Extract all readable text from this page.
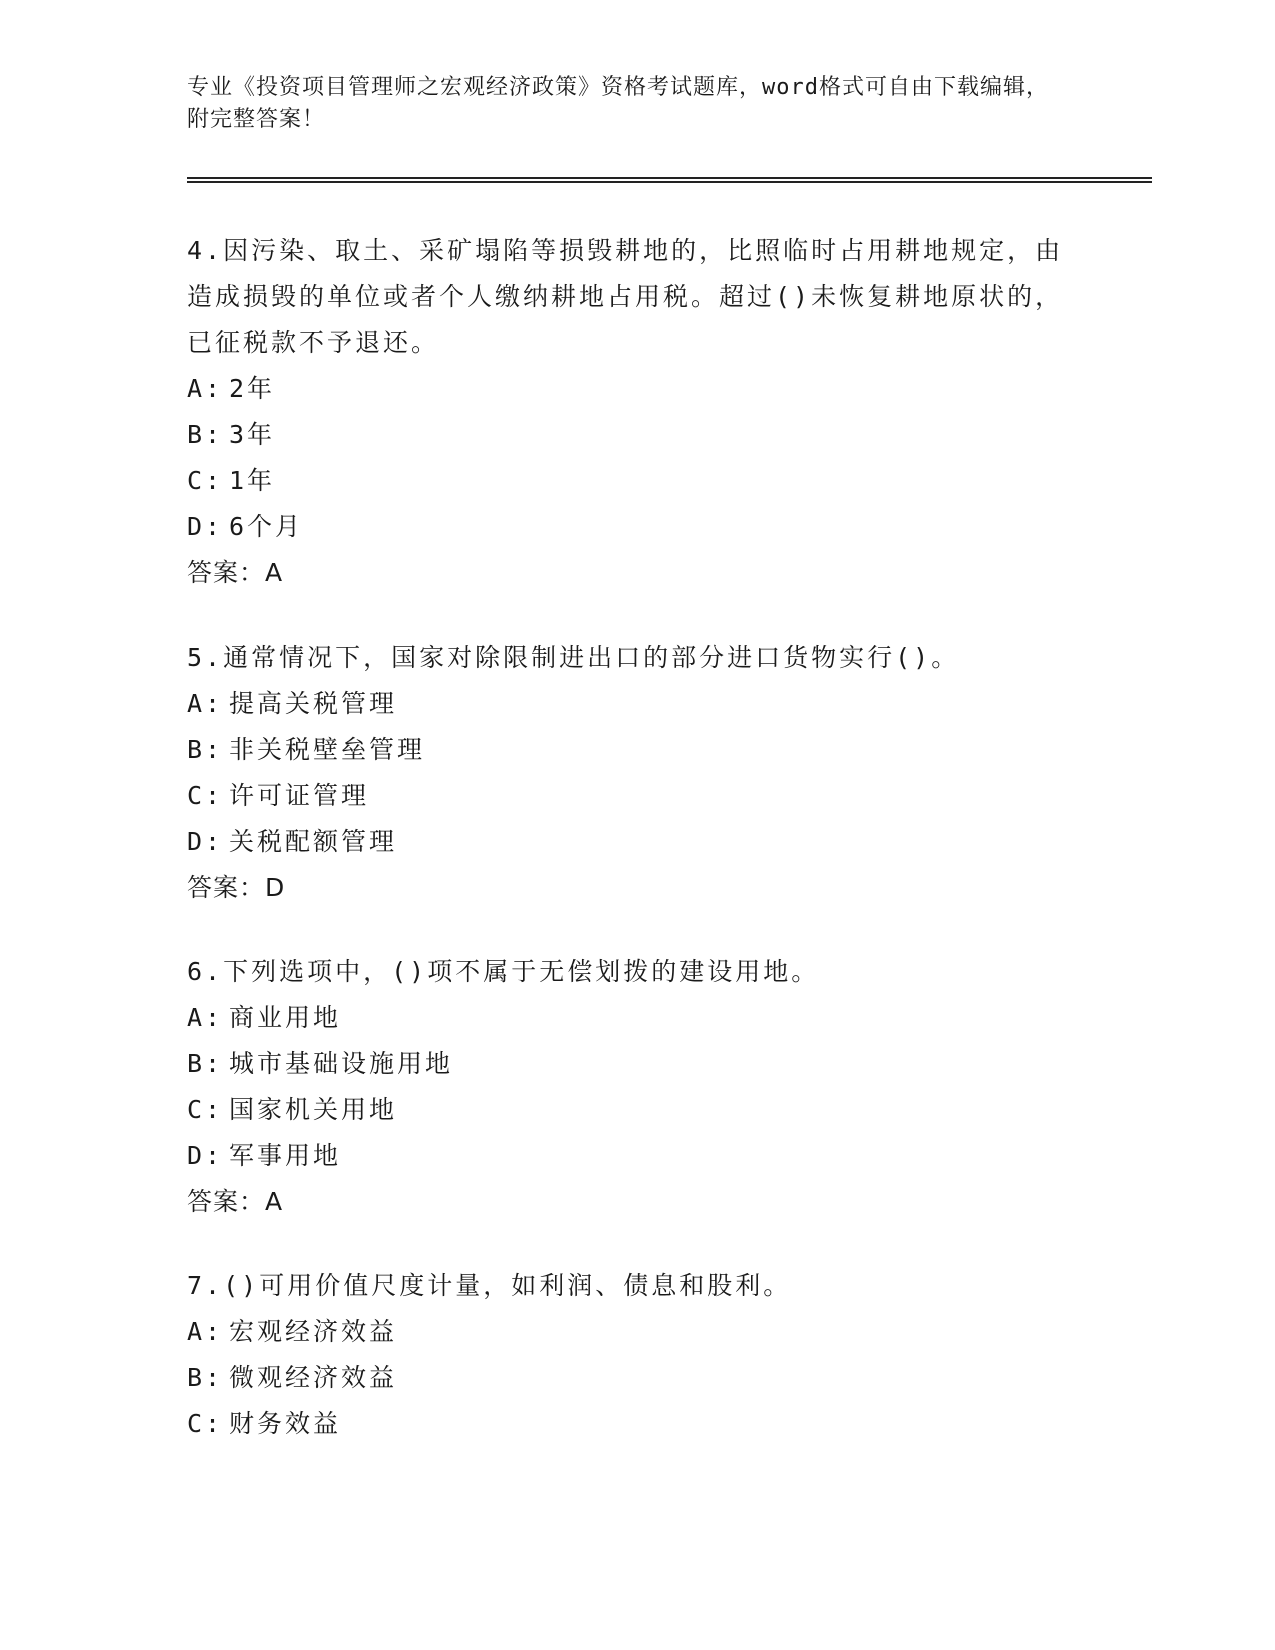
专业《投资项目管理师之宏观经济政策》资格考试题库，word格式可自由下载编辑，附完整答案！
4.因污染、取土、采矿塌陷等损毁耕地的，比照临时占用耕地规定，由造成损毁的单位或者个人缴纳耕地占用税。超过()未恢复耕地原状的，已征税款不予退还。
A: 2年
B: 3年
C: 1年
D: 6个月
答案：A
5.通常情况下，国家对除限制进出口的部分进口货物实行()。
A: 提高关税管理
B: 非关税壁垒管理
C: 许可证管理
D: 关税配额管理
答案：D
6.下列选项中，()项不属于无偿划拨的建设用地。
A: 商业用地
B: 城市基础设施用地
C: 国家机关用地
D: 军事用地
答案：A
7.()可用价值尺度计量，如利润、债息和股利。
A: 宏观经济效益
B: 微观经济效益
C: 财务效益
